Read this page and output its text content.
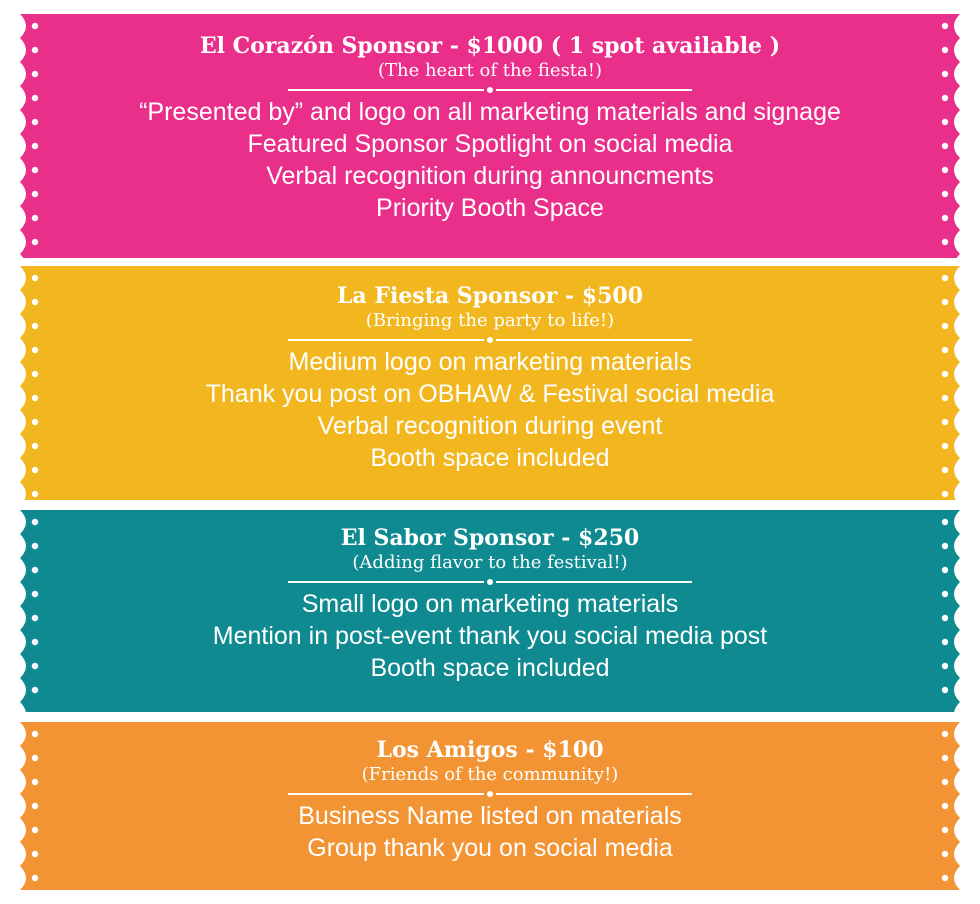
El Corazón Sponsor - $1000 ( 1 spot available )

(The heart of the fiesta!)

“Presented by” and logo on all marketing materials and signage

Featured Sponsor Spotlight on social media

Verbal recognition during announcments

Priority Booth Space

La Fiesta Sponsor - $500

(Bringing the party to life!)

Medium logo on marketing materials

Thank you post on OBHAW & Festival social media

Verbal recognition during event

Booth space included

El Sabor Sponsor - $250

(Adding flavor to the festival!)

Small logo on marketing materials

Mention in post-event thank you social media post

Booth space included

Los Amigos - $100

(Friends of the community!)

Business Name listed on materials

Group thank you on social media
